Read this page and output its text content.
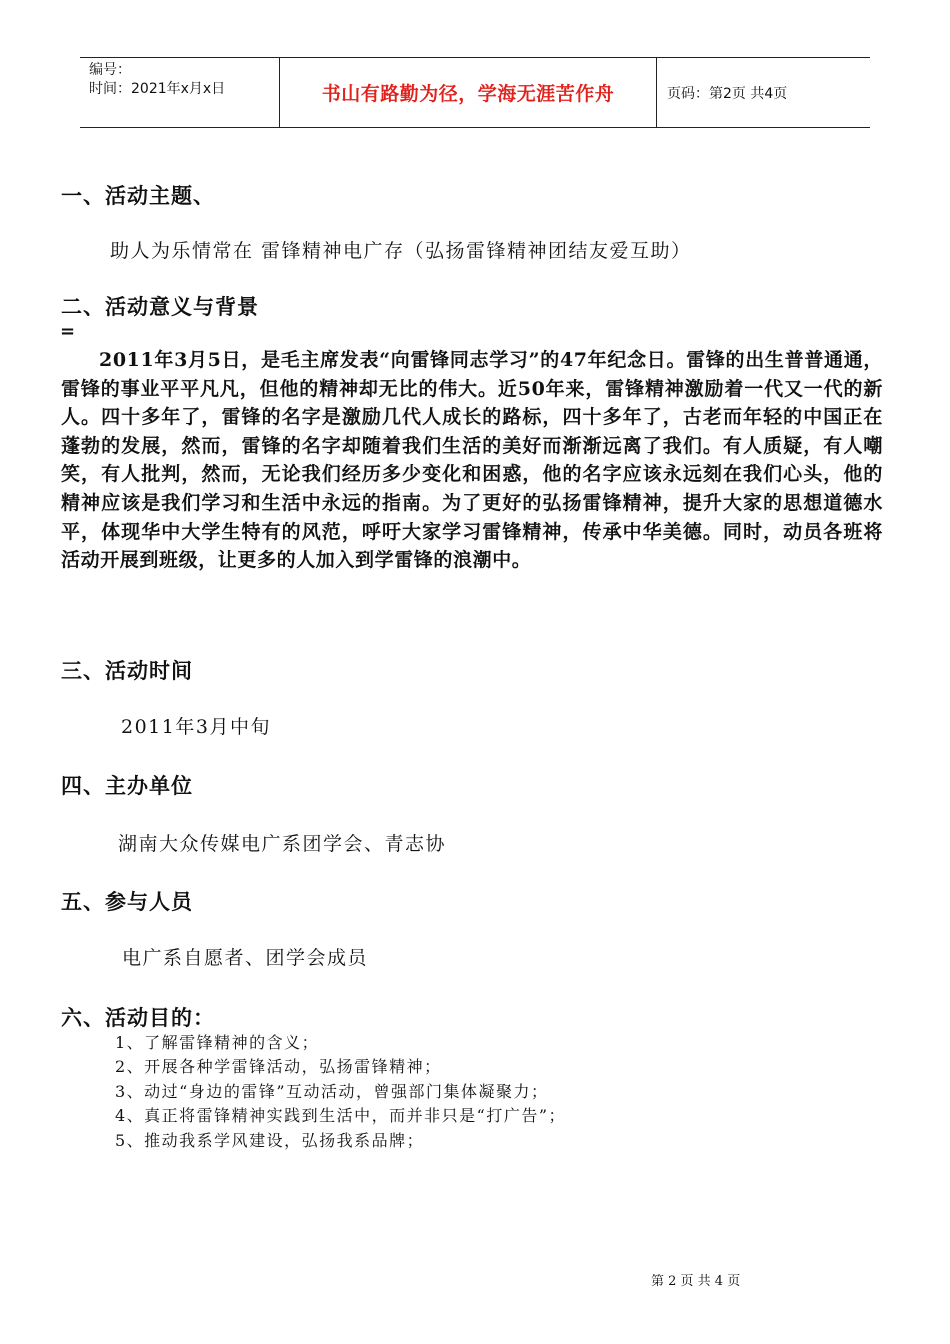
编号：
时间：2021年x月x日	书山有路勤为径，学海无涯苦作舟	页码：第2页 共4页
一、活动主题、
助人为乐情常在 雷锋精神电广存（弘扬雷锋精神团结友爱互助）
二、活动意义与背景
=
2011年3月5日，是毛主席发表“向雷锋同志学习”的47年纪念日。雷锋的出生普普通通，雷锋的事业平平凡凡，但他的精神却无比的伟大。近50年来，雷锋精神激励着一代又一代的新人。四十多年了，雷锋的名字是激励几代人成长的路标，四十多年了，古老而年轻的中国正在蓬勃的发展，然而，雷锋的名字却随着我们生活的美好而渐渐远离了我们。有人质疑，有人嘲笑，有人批判，然而，无论我们经历多少变化和困惑，他的名字应该永远刻在我们心头，他的精神应该是我们学习和生活中永远的指南。为了更好的弘扬雷锋精神，提升大家的思想道德水平，体现华中大学生特有的风范，呼吁大家学习雷锋精神，传承中华美德。同时，动员各班将活动开展到班级，让更多的人加入到学雷锋的浪潮中。
三、活动时间
2011年3月中旬
四、主办单位
湖南大众传媒电广系团学会、青志协
五、参与人员
电广系自愿者、团学会成员
六、活动目的：
1、了解雷锋精神的含义；
2、开展各种学雷锋活动，弘扬雷锋精神；
3、动过“身边的雷锋”互动活动，曾强部门集体凝聚力；
4、真正将雷锋精神实践到生活中，而并非只是“打广告”；
5、推动我系学风建设，弘扬我系品牌；
第 2 页 共 4 页
